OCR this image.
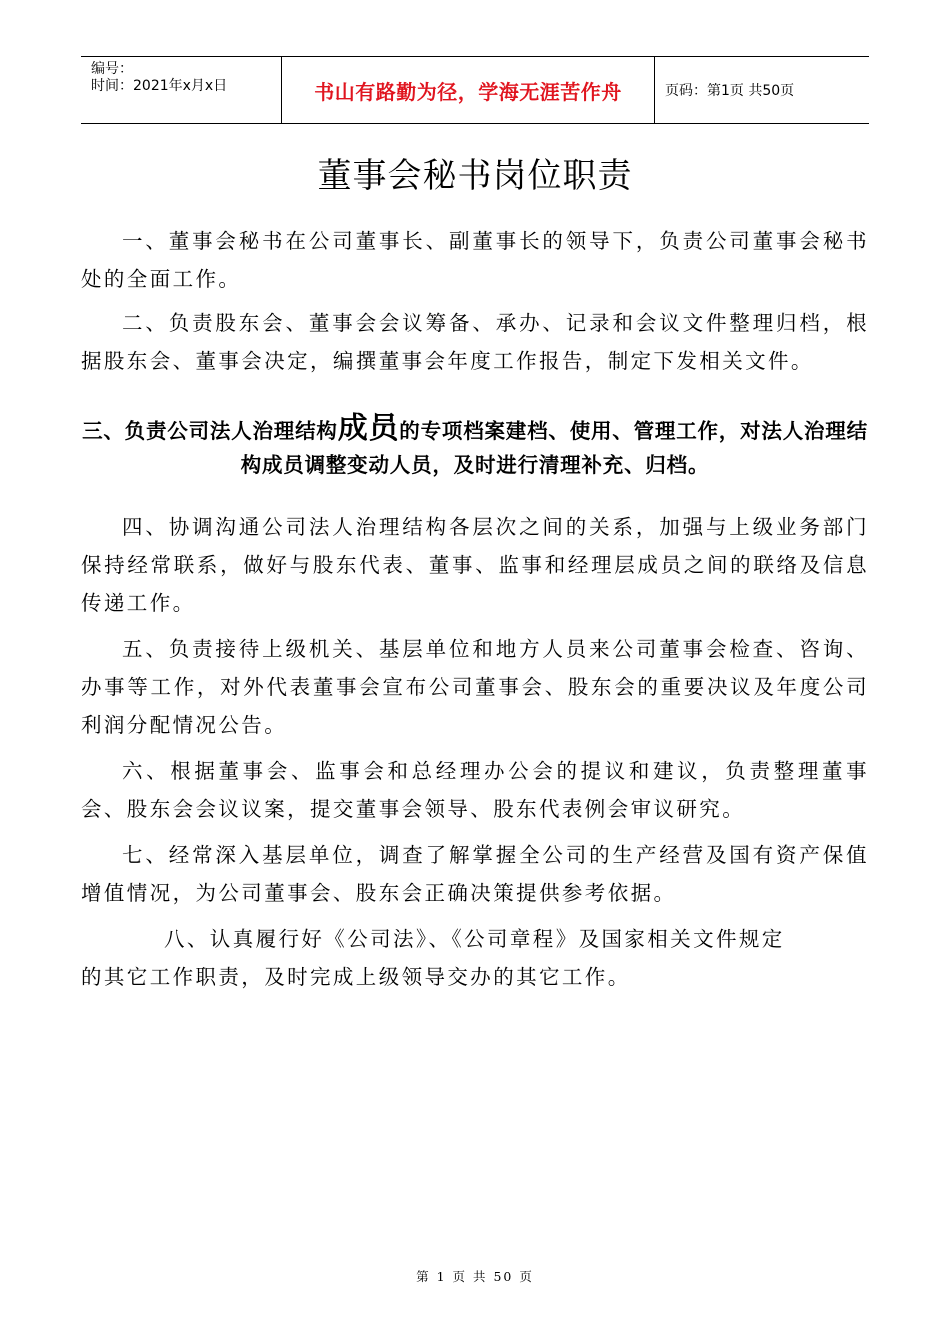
编号：
时间：2021年x月x日	书山有路勤为径，学海无涯苦作舟	页码：第1页 共50页
董事会秘书岗位职责

一、董事会秘书在公司董事长、副董事长的领导下，负责公司董事会秘书处的全面工作。

二、负责股东会、董事会会议筹备、承办、记录和会议文件整理归档，根据股东会、董事会决定，编撰董事会年度工作报告，制定下发相关文件。

三、负责公司法人治理结构成员的专项档案建档、使用、管理工作，对法人治理结构成员调整变动人员，及时进行清理补充、归档。

四、协调沟通公司法人治理结构各层次之间的关系，加强与上级业务部门保持经常联系，做好与股东代表、董事、监事和经理层成员之间的联络及信息传递工作。

五、负责接待上级机关、基层单位和地方人员来公司董事会检查、咨询、办事等工作，对外代表董事会宣布公司董事会、股东会的重要决议及年度公司利润分配情况公告。

六、根据董事会、监事会和总经理办公会的提议和建议，负责整理董事会、股东会会议议案，提交董事会领导、股东代表例会审议研究。

七、经常深入基层单位，调查了解掌握全公司的生产经营及国有资产保值增值情况，为公司董事会、股东会正确决策提供参考依据。

八、认真履行好《公司法》、《公司章程》及国家相关文件规定

的其它工作职责，及时完成上级领导交办的其它工作。

第 1 页 共 50 页
